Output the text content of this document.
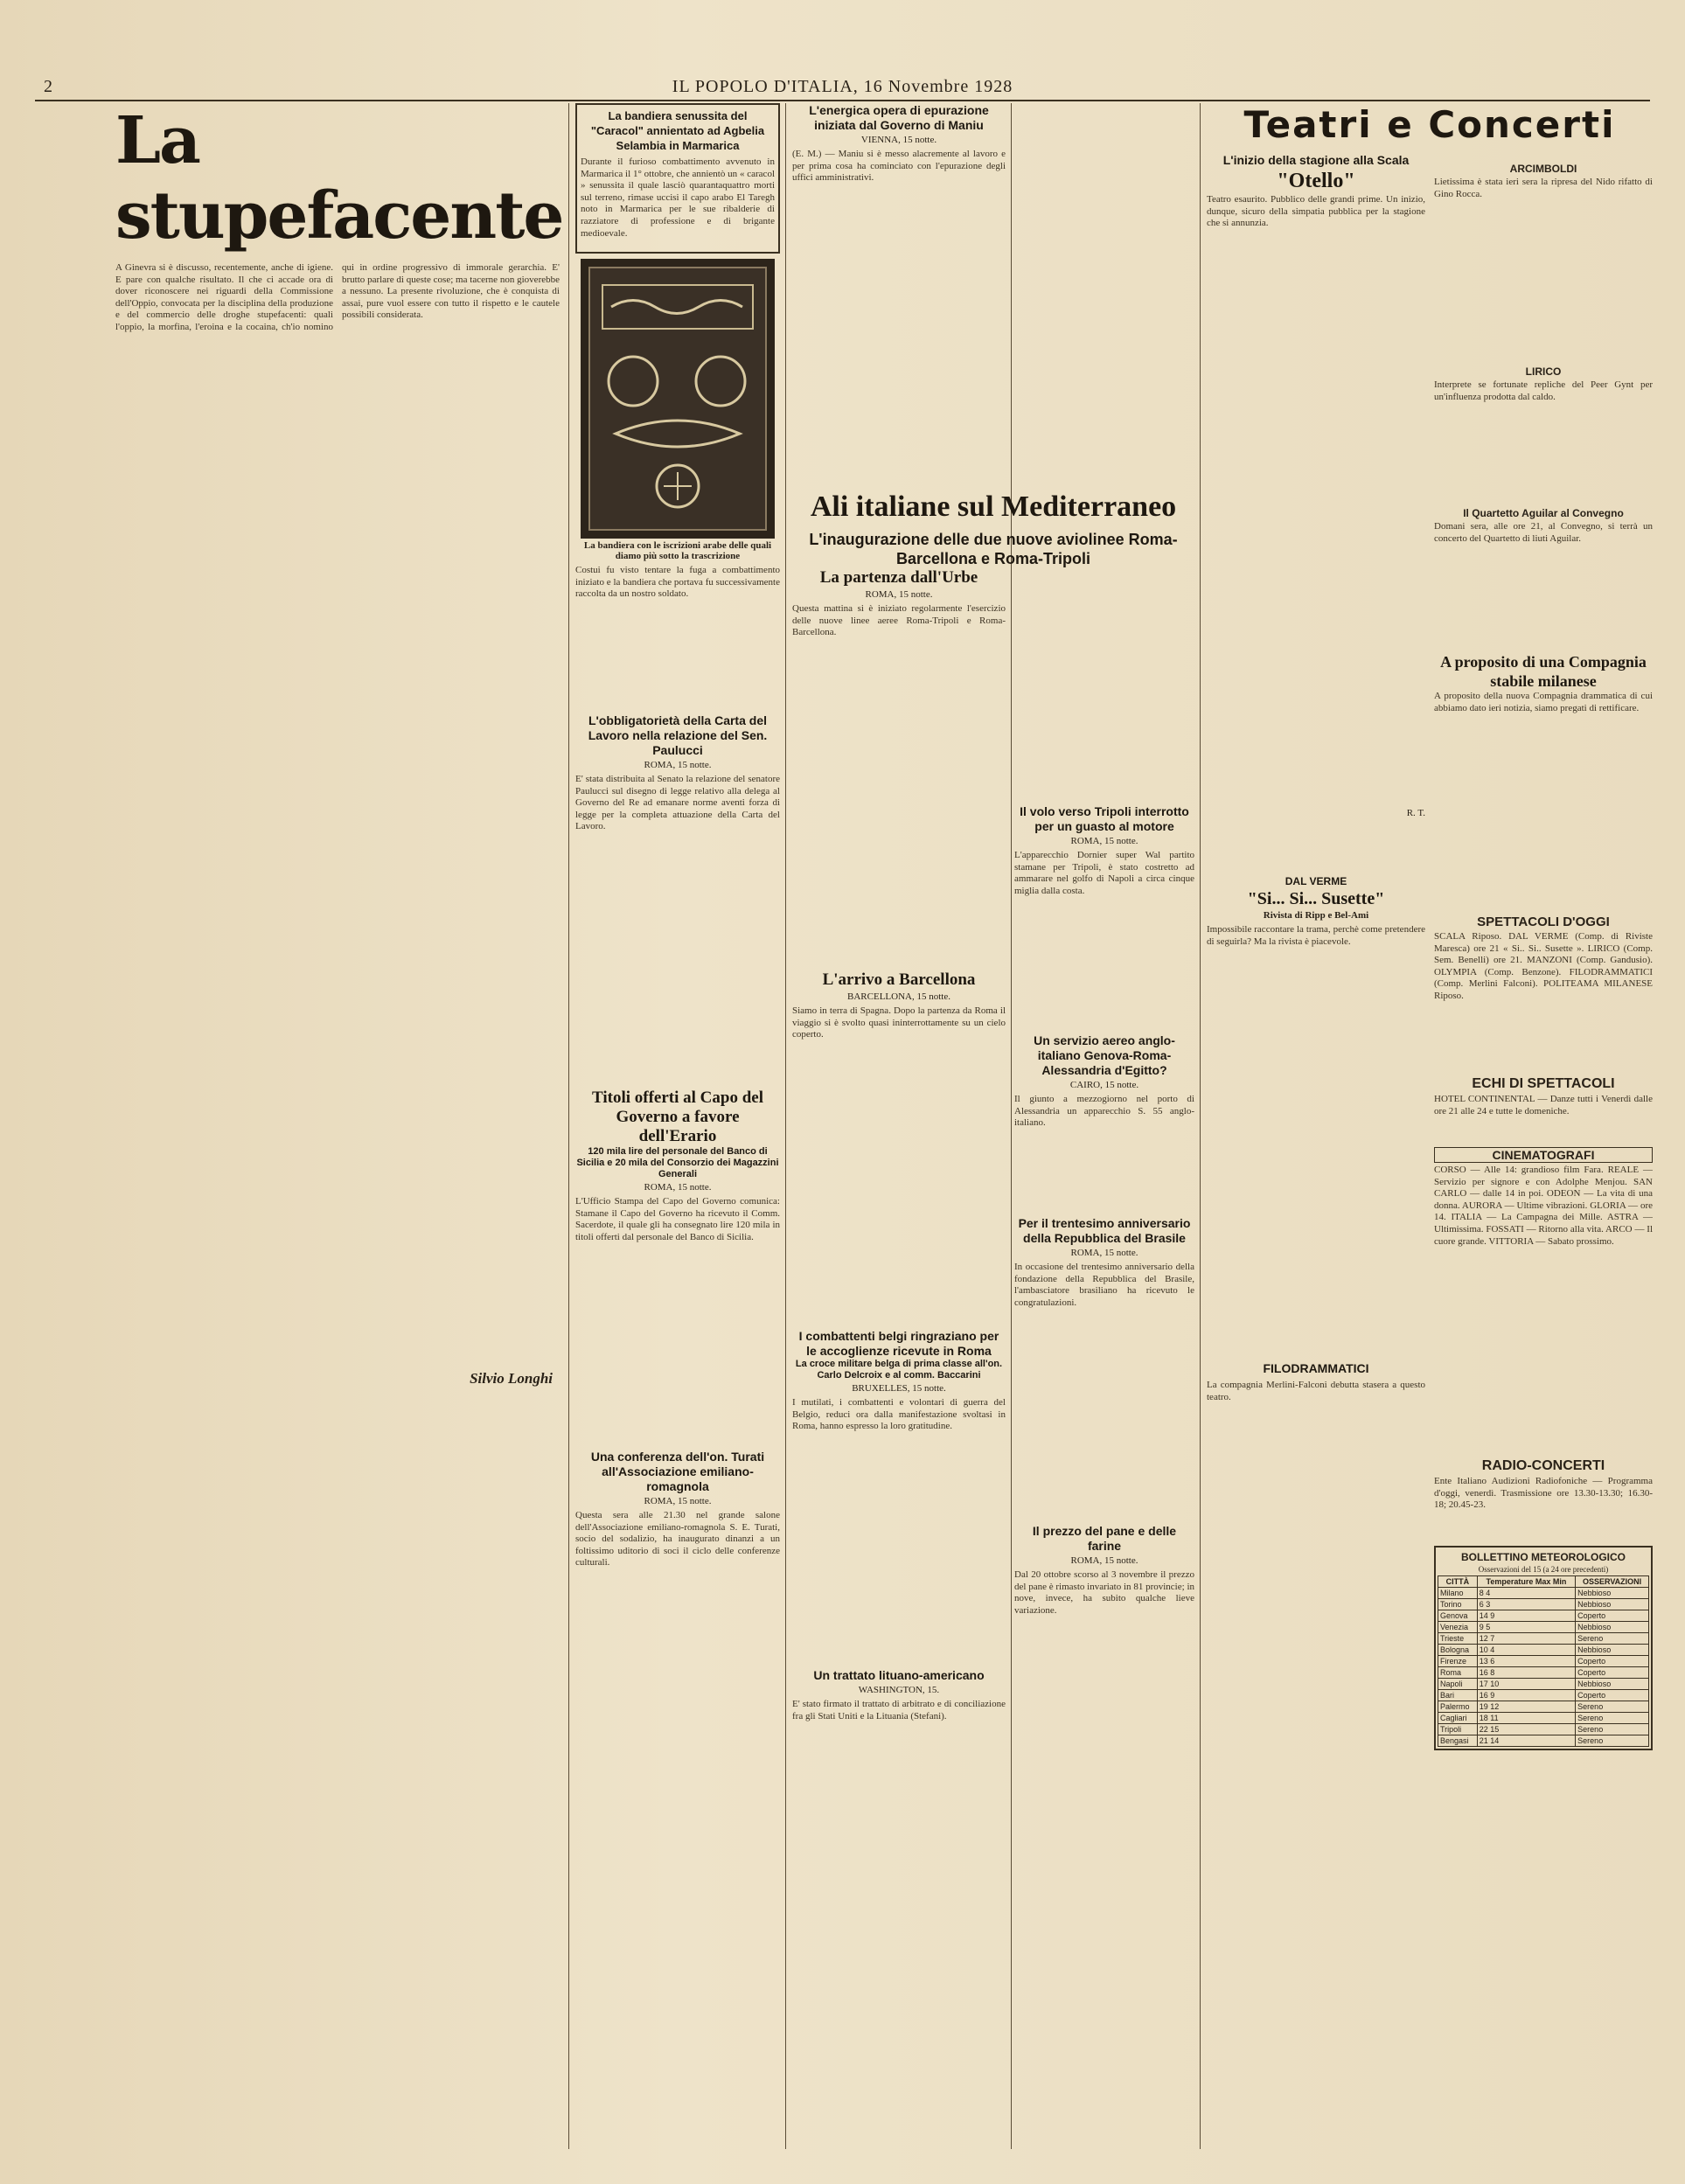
2	IL POPOLO D'ITALIA, 16 Novembre 1928
La stupefacente

A Ginevra si è discusso, recentemente, anche di igiene. E pare con qualche risultato. Il che ci accade ora di dover riconoscere nei riguardi della Commissione dell'Oppio, convocata per la disciplina della produzione e del commercio delle droghe stupefacenti: quali l'oppio, la morfina, l'eroina e la cocaina, ch'io nomino qui in ordine progressivo di immorale gerarchia. E' brutto parlare di queste cose; ma tacerne non gioverebbe a nessuno. La presente rivoluzione, che è conquista di assai, pure vuol essere con tutto il rispetto e le cautele possibili considerata.

Silvio Longhi

La bandiera senussita del "Caracol" annientato ad Agbelia Selambia in Marmarica

Durante il furioso combattimento avvenuto in Marmarica il 1° ottobre, che annientò un « caracol » senussita il quale lasciò quarantaquattro morti sul terreno, rimase uccisi il capo arabo El Taregh noto in Marmarica per le sue ribalderie di razziatore di professione e di brigante medioevale.

La bandiera con le iscrizioni arabe delle quali diamo più sotto la trascrizione

Costui fu visto tentare la fuga a combattimento iniziato e la bandiera che portava fu successivamente raccolta da un nostro soldato.

L'obbligatorietà della Carta del Lavoro nella relazione del Sen. Paulucci

ROMA, 15 notte.

E' stata distribuita al Senato la relazione del senatore Paulucci sul disegno di legge relativo alla delega al Governo del Re ad emanare norme aventi forza di legge per la completa attuazione della Carta del Lavoro.

Titoli offerti al Capo del Governo a favore dell'Erario

120 mila lire del personale del Banco di Sicilia e 20 mila del Consorzio dei Magazzini Generali

ROMA, 15 notte.

L'Ufficio Stampa del Capo del Governo comunica: Stamane il Capo del Governo ha ricevuto il Comm. Sacerdote, il quale gli ha consegnato lire 120 mila in titoli offerti dal personale del Banco di Sicilia.

Una conferenza dell'on. Turati all'Associazione emiliano-romagnola

ROMA, 15 notte.

Questa sera alle 21.30 nel grande salone dell'Associazione emiliano-romagnola S. E. Turati, socio del sodalizio, ha inaugurato dinanzi a un foltissimo uditorio di soci il ciclo delle conferenze culturali.

L'energica opera di epurazione iniziata dal Governo di Maniu

VIENNA, 15 notte.

(E. M.) — Maniu si è messo alacremente al lavoro e per prima cosa ha cominciato con l'epurazione degli uffici amministrativi.

Ali italiane sul Mediterraneo

L'inaugurazione delle due nuove aviolinee Roma-Barcellona e Roma-Tripoli

La partenza dall'Urbe

ROMA, 15 notte.

Questa mattina si è iniziato regolarmente l'esercizio delle nuove linee aeree Roma-Tripoli e Roma-Barcellona.

L'arrivo a Barcellona

BARCELLONA, 15 notte.

Siamo in terra di Spagna. Dopo la partenza da Roma il viaggio si è svolto quasi ininterrottamente su un cielo coperto.

I combattenti belgi ringraziano per le accoglienze ricevute in Roma

La croce militare belga di prima classe all'on. Carlo Delcroix e al comm. Baccarini

BRUXELLES, 15 notte.

I mutilati, i combattenti e volontari di guerra del Belgio, reduci ora dalla manifestazione svoltasi in Roma, hanno espresso la loro gratitudine.

Un trattato lituano-americano

WASHINGTON, 15.

E' stato firmato il trattato di arbitrato e di conciliazione fra gli Stati Uniti e la Lituania (Stefani).

Il volo verso Tripoli interrotto per un guasto al motore

ROMA, 15 notte.

L'apparecchio Dornier super Wal partito stamane per Tripoli, è stato costretto ad ammarare nel golfo di Napoli a circa cinque miglia dalla costa.

Un servizio aereo anglo-italiano Genova-Roma-Alessandria d'Egitto?

CAIRO, 15 notte.

Il giunto a mezzogiorno nel porto di Alessandria un apparecchio S. 55 anglo-italiano.

Per il trentesimo anniversario della Repubblica del Brasile

ROMA, 15 notte.

In occasione del trentesimo anniversario della fondazione della Repubblica del Brasile, l'ambasciatore brasiliano ha ricevuto le congratulazioni.

Il prezzo del pane e delle farine

ROMA, 15 notte.

Dal 20 ottobre scorso al 3 novembre il prezzo del pane è rimasto invariato in 81 provincie; in nove, invece, ha subito qualche lieve variazione.

Teatri e Concerti
L'inizio della stagione alla Scala

"Otello"

Teatro esaurito. Pubblico delle grandi prime. Un inizio, dunque, sicuro della simpatia pubblica per la stagione che si annunzia.

R. T.

DAL VERME

"Si... Si... Susette"

Rivista di Ripp e Bel-Ami

Impossibile raccontare la trama, perchè come pretendere di seguirla? Ma la rivista è piacevole.

FILODRAMMATICI

La compagnia Merlini-Falconi debutta stasera a questo teatro.

ARCIMBOLDI

Lietissima è stata ieri sera la ripresa del Nido rifatto di Gino Rocca.

LIRICO

Interprete se fortunate repliche del Peer Gynt per un'influenza prodotta dal caldo.

Il Quartetto Aguilar al Convegno

Domani sera, alle ore 21, al Convegno, si terrà un concerto del Quartetto di liuti Aguilar.

A proposito di una Compagnia stabile milanese

A proposito della nuova Compagnia drammatica di cui abbiamo dato ieri notizia, siamo pregati di rettificare.

SPETTACOLI D'OGGI

SCALA Riposo. DAL VERME (Comp. di Riviste Maresca) ore 21 « Si.. Si.. Susette ». LIRICO (Comp. Sem. Benelli) ore 21. MANZONI (Comp. Gandusio). OLYMPIA (Comp. Benzone). FILODRAMMATICI (Comp. Merlini Falconi). POLITEAMA MILANESE Riposo.

ECHI DI SPETTACOLI

HOTEL CONTINENTAL — Danze tutti i Venerdì dalle ore 21 alle 24 e tutte le domeniche.

CINEMATOGRAFI

CORSO — Alle 14: grandioso film Fara. REALE — Servizio per signore e con Adolphe Menjou. SAN CARLO — dalle 14 in poi. ODEON — La vita di una donna. AURORA — Ultime vibrazioni. GLORIA — ore 14. ITALIA — La Campagna dei Mille. ASTRA — Ultimissima. FOSSATI — Ritorno alla vita. ARCO — Il cuore grande. VITTORIA — Sabato prossimo.

RADIO-CONCERTI

Ente Italiano Audizioni Radiofoniche — Programma d'oggi, venerdì. Trasmissione ore 13.30-13.30; 16.30-18; 20.45-23.

BOLLETTINO METEOROLOGICO

Osservazioni del 15 (a 24 ore precedenti)

CITTÀ	Temperature Max Min	OSSERVAZIONI
Milano	8 4	Nebbioso
Torino	6 3	Nebbioso
Genova	14 9	Coperto
Venezia	9 5	Nebbioso
Trieste	12 7	Sereno
Bologna	10 4	Nebbioso
Firenze	13 6	Coperto
Roma	16 8	Coperto
Napoli	17 10	Nebbioso
Bari	16 9	Coperto
Palermo	19 12	Sereno
Cagliari	18 11	Sereno
Tripoli	22 15	Sereno
Bengasi	21 14	Sereno
